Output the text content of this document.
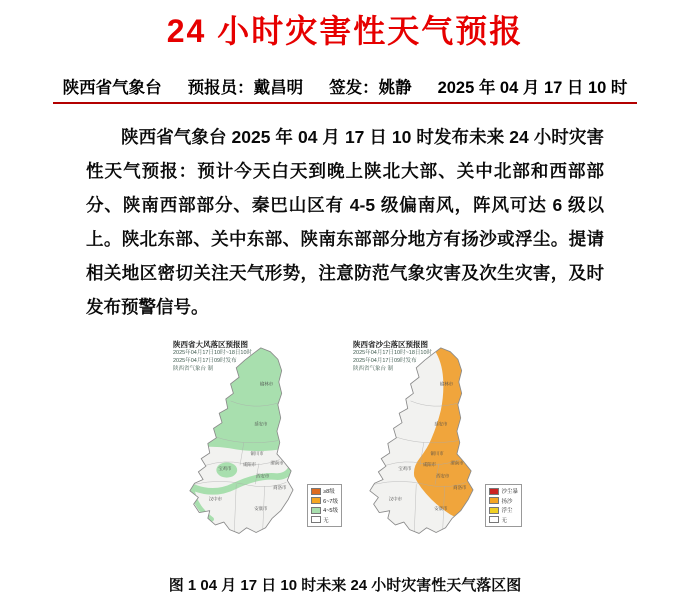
24 小时灾害性天气预报
陕西省气象台 预报员：戴昌明 签发：姚静 2025 年 04 月 17 日 10 时

陕西省气象台 2025 年 04 月 17 日 10 时发布未来 24 小时灾害性天气预报：预计今天白天到晚上陕北大部、关中北部和西部部分、陕南西部部分、秦巴山区有 4-5 级偏南风，阵风可达 6 级以上。陕北东部、关中东部、陕南东部部分地方有扬沙或浮尘。提请相关地区密切关注天气形势，注意防范气象灾害及次生灾害，及时发布预警信号。

陕西省大风落区预报图
2025年04月17日10时~18日10时
2025年04月17日09时发布
陕西省气象台 制
榆林市
延安市
铜川市
渭南市
宝鸡市
咸阳市
西安市
商洛市
汉中市
安康市
≥8级
6~7级
4~5级
无
陕西省沙尘落区预报图
2025年04月17日10时~18日10时
2025年04月17日09时发布
陕西省气象台 制
榆林市
延安市
铜川市
渭南市
宝鸡市
咸阳市
西安市
商洛市
汉中市
安康市
沙尘暴
扬沙
浮尘
无
图 1 04 月 17 日 10 时未来 24 小时灾害性天气落区图
